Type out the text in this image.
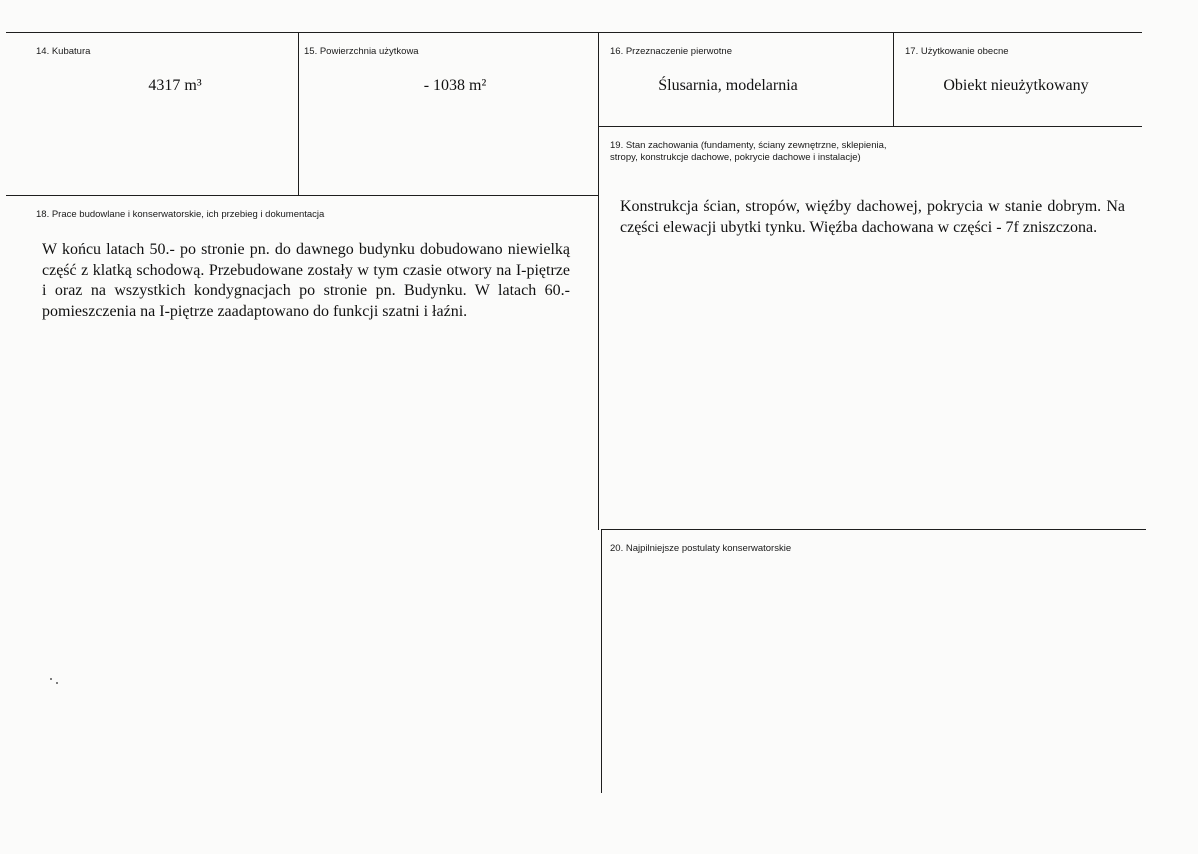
14. Kubatura
4317 m³
15. Powierzchnia użytkowa
- 1038 m²
16. Przeznaczenie pierwotne
Ślusarnia, modelarnia
17. Użytkowanie obecne
Obiekt nieużytkowany
19. Stan zachowania (fundamenty, ściany zewnętrzne, sklepienia,
stropy, konstrukcje dachowe, pokrycie dachowe i instalacje)

Konstrukcja ścian, stropów, więźby dachowej, pokrycia w stanie dobrym. Na części elewacji ubytki tynku. Więźba dachowana w części - 7f zniszczona.

18. Prace budowlane i konserwatorskie, ich przebieg i dokumentacja

W końcu latach 50.- po stronie pn. do dawnego budynku dobudowano niewielką część z klatką schodową. Przebudowane zostały w tym czasie otwory na I-piętrze i oraz na wszystkich kondygnacjach po stronie pn. Budynku. W latach 60.- pomieszczenia na I-piętrze zaadaptowano do funkcji szatni i łaźni.

20. Najpilniejsze postulaty konserwatorskie
